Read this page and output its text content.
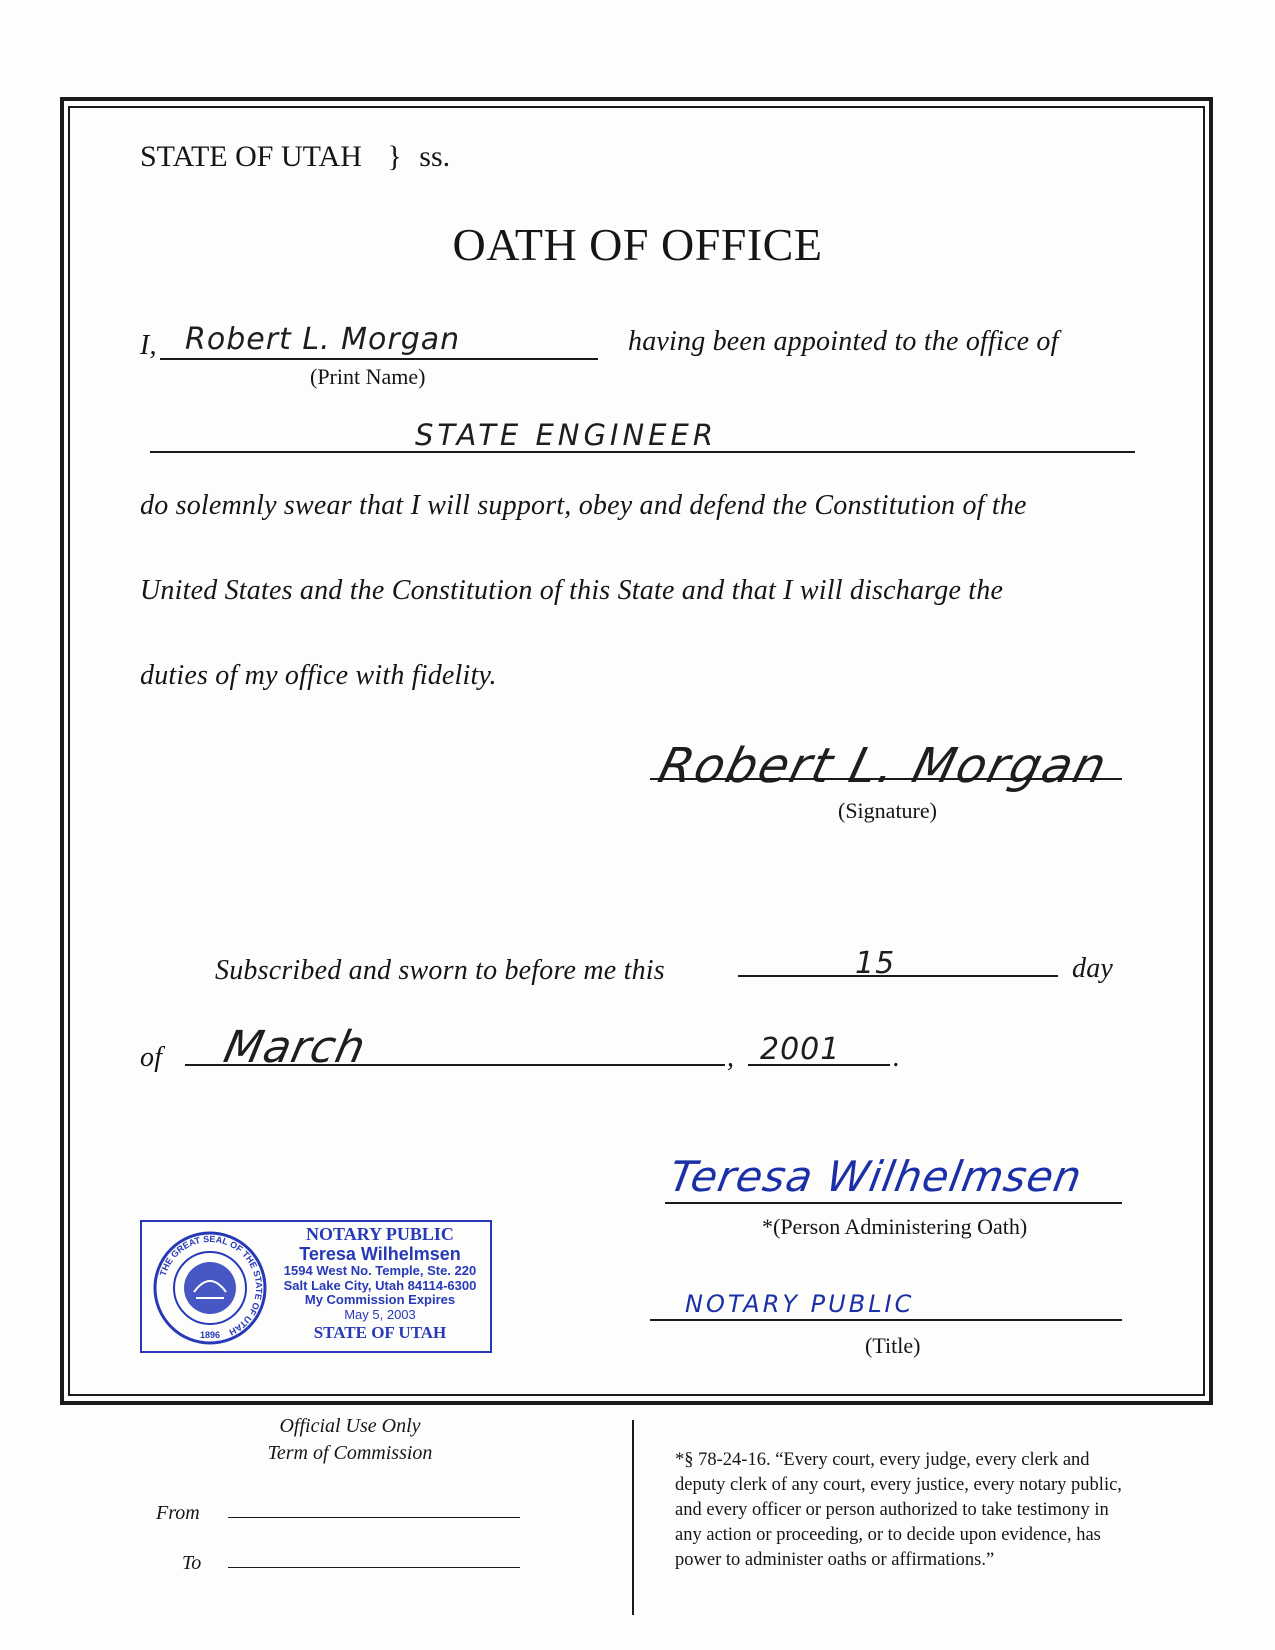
STATE OF UTAH } ss.
OATH OF OFFICE
I, Robert L. Morgan
(Print Name)
having been appointed to the office of
STATE ENGINEER
do solemnly swear that I will support, obey and defend the Constitution of the
United States and the Constitution of this State and that I will discharge the
duties of my office with fidelity.
Robert L. Morgan
(Signature)
Subscribed and sworn to before me this	15	day
of March	, 2001 .
Teresa Wilhelmsen
*(Person Administering Oath)
NOTARY PUBLIC
(Title)
THE GREAT SEAL OF THE STATE OF UTAH
1896
NOTARY PUBLIC
Teresa Wilhelmsen
1594 West No. Temple, Ste. 220
Salt Lake City, Utah 84114-6300
My Commission Expires
May 5, 2003
STATE OF UTAH
Official Use Only
Term of Commission
From
To
*§ 78-24-16. “Every court, every judge, every clerk and
deputy clerk of any court, every justice, every notary public,
and every officer or person authorized to take testimony in
any action or proceeding, or to decide upon evidence, has
power to administer oaths or affirmations.”
